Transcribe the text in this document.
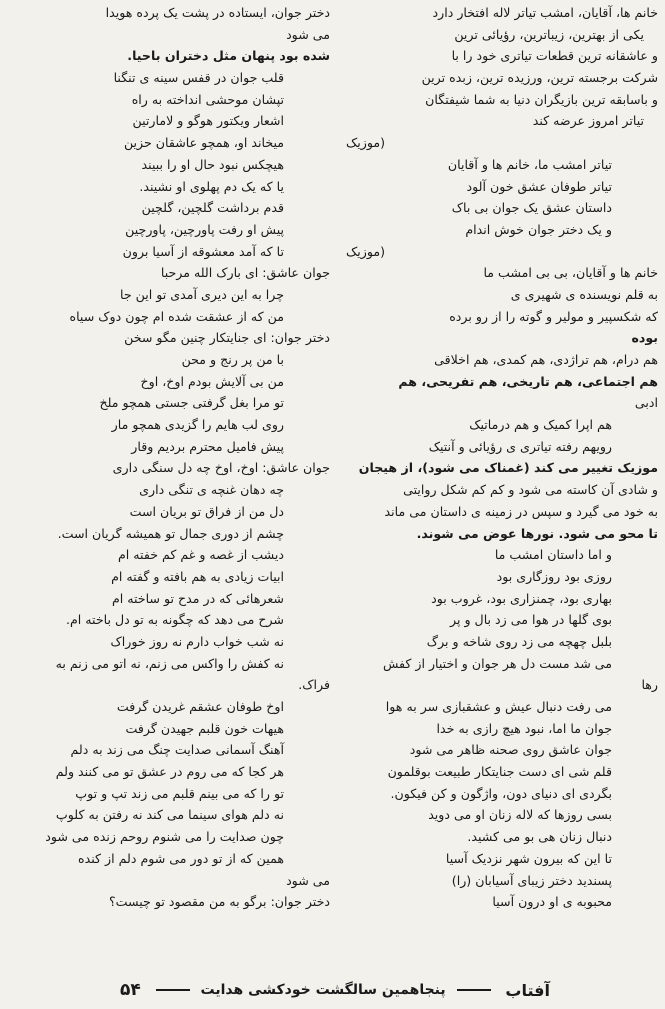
خانم ها، آقایان، امشب تیاتر لاله افتخار دارد
یکی از بهترین، زیباترین، رؤیائی ترین
و عاشقانه ترین قطعات تیاتری خود را با
شرکت برجسته ترین، ورزیده ترین، زبده ترین
و باسابقه ترین بازیگران دنیا به شما شیفتگان
تیاتر امروز عرضه کند
(موزیک
تیاتر امشب ما، خانم ها و آقایان
تیاتر طوفان عشق خون آلود
داستان عشق یک جوان بی باک
و یک دختر جوان خوش اندام
(موزیک
خانم ها و آقایان، بی بی امشب ما
به قلم نویسنده ی شهیری ی
که شکسپیر و مولیر و گوته را از رو برده
بوده
هم درام، هم تراژدی، هم کمدی، هم اخلاقی
هم اجتماعی، هم تاریخی، هم تفریحی، هم
ادبی
هم اپرا کمیک و هم درماتیک
رویهم رفته تیاتری ی رؤیائی و آنتیک
موزیک تغییر می کند (غمناک می شود)، از هیجان
و شادی آن کاسته می شود و کم کم شکل روایتی
به خود می گیرد و سپس در زمینه ی داستان می ماند
تا محو می شود. نورها عوض می شوند.
و اما داستان امشب ما
روزی بود روزگاری بود
بهاری بود، چمنزاری بود، غروب بود
بوی گلها در هوا می زد بال و پر
بلبل چهچه می زد روی شاخه و برگ
می شد مست دل هر جوان و اختیار از کفش
رها
می رفت دنبال عیش و عشقبازی سر به هوا
جوان ما اما، نبود هیچ رازی به خدا
جوان عاشق روی صحنه ظاهر می شود
قلم شی ای دست جنایتکار طبیعت بوقلمون
بگردی ای دنیای دون، واژگون و کن فیکون.
بسی روزها که لاله زنان او می دوید
دنبال زنان هی بو می کشید.
تا این که بیرون شهر نزدیک آسیا
پسندید دختر زیبای آسیابان (را)
محبوبه ی او درون آسیا
دختر جوان، ایستاده در پشت یک پرده هویدا
می شود
شده بود پنهان مثل دختران باحیا.
قلب جوان در قفس سینه ی تنگنا
تپشان موحشی انداخته به راه
اشعار ویکتور هوگو و لامارتین
میخاند او، همچو عاشقان حزین
هیچکس نبود حال او را ببیند
یا که یک دم پهلوی او نشیند.
قدم برداشت گلچین، گلچین
پیش او رفت پاورچین، پاورچین
تا که آمد معشوقه از آسیا برون
جوان عاشق: ای بارک الله مرحبا
چرا به این دیری آمدی تو این جا
من که از عشقت شده ام چون دوک سیاه
دختر جوان: ای جنایتکار چنین مگو سخن
با من پر رنج و محن
من بی آلایش بودم اوخ، اوخ
تو مرا بغل گرفتی جستی همچو ملخ
روی لب هایم را گزیدی همچو مار
پیش فامیل محترم بردیم وقار
جوان عاشق: اوخ، اوخ چه دل سنگی داری
چه دهان غنچه ی تنگی داری
دل من از فراق تو بریان است
چشم از دوری جمال تو همیشه گریان است.
دیشب از غصه و غم کم خفته ام
ابیات زیادی به هم بافته و گفته ام
شعرهائی که در مدح تو ساخته ام
شرح می دهد که چگونه به تو دل باخته ام.
نه شب خواب دارم نه روز خوراک
نه کفش را واکس می زنم، نه اتو می زنم به
فراک.
اوخ طوفان عشقم غریدن گرفت
هیهات خون قلبم جهیدن گرفت
آهنگ آسمانی صدایت چنگ می زند به دلم
هر کجا که می روم در عشق تو می کنند ولم
تو را که می بینم قلبم می زند تپ و توپ
نه دلم هوای سینما می کند نه رفتن به کلوپ
چون صدایت را می شنوم روحم زنده می شود
همین که از تو دور می شوم دلم از کنده
می شود
دختر جوان: برگو به من مقصود تو چیست؟
آفتاب
پنجاهمین سالگشت خودکشی هدایت
۵۴
